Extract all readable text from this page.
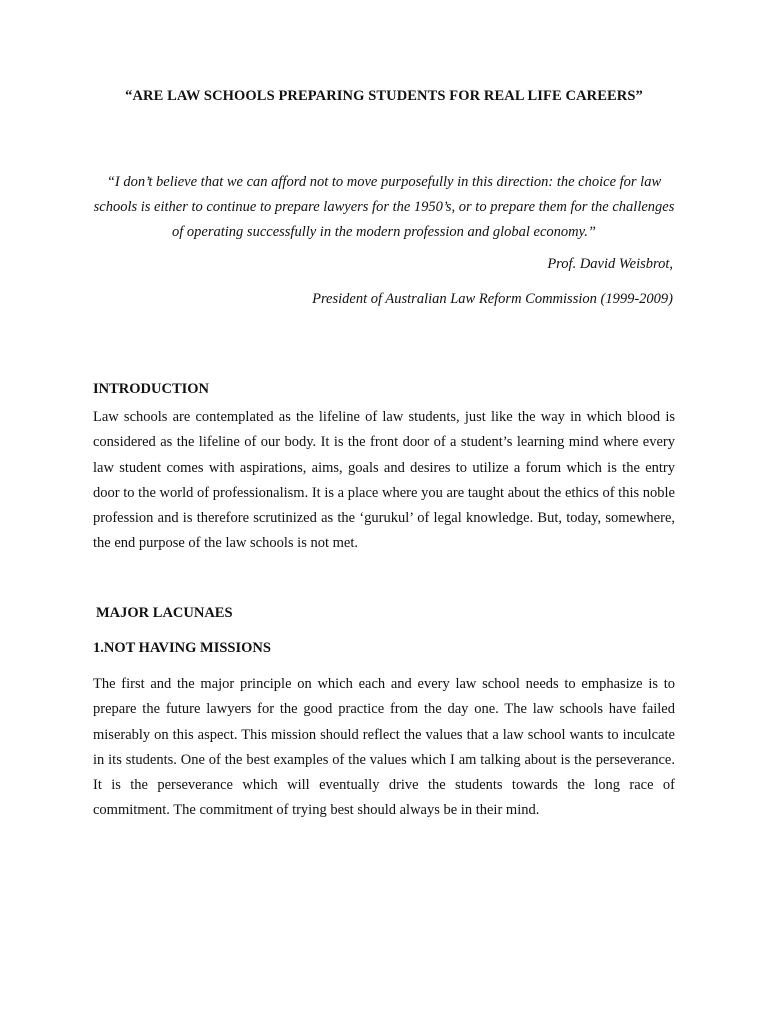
“ARE LAW SCHOOLS PREPARING STUDENTS FOR REAL LIFE CAREERS”

“I don’t believe that we can afford not to move purposefully in this direction: the choice for law schools is either to continue to prepare lawyers for the 1950’s, or to prepare them for the challenges of operating successfully in the modern profession and global economy.”

Prof. David Weisbrot,

President of Australian Law Reform Commission (1999-2009)

INTRODUCTION

Law schools are contemplated as the lifeline of law students, just like the way in which blood is considered as the lifeline of our body. It is the front door of a student’s learning mind where every law student comes with aspirations, aims, goals and desires to utilize a forum which is the entry door to the world of professionalism. It is a place where you are taught about the ethics of this noble profession and is therefore scrutinized as the ‘gurukul’ of legal knowledge. But, today, somewhere, the end purpose of the law schools is not met.

MAJOR LACUNAES
1.NOT HAVING MISSIONS

The first and the major principle on which each and every law school needs to emphasize is to prepare the future lawyers for the good practice from the day one. The law schools have failed miserably on this aspect. This mission should reflect the values that a law school wants to inculcate in its students. One of the best examples of the values which I am talking about is the perseverance. It is the perseverance which will eventually drive the students towards the long race of commitment. The commitment of trying best should always be in their mind.
